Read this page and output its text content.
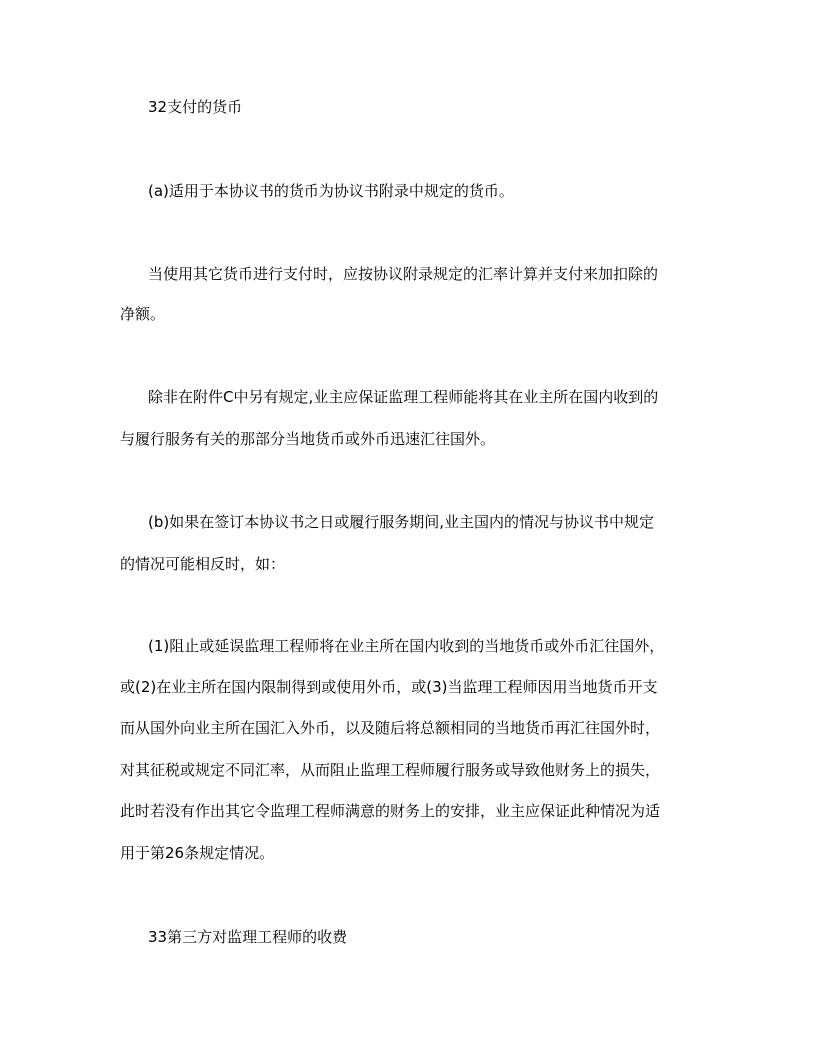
32支付的货币
(a)适用于本协议书的货币为协议书附录中规定的货币。
当使用其它货币进行支付时，应按协议附录规定的汇率计算并支付来加扣除的
净额。
除非在附件C中另有规定,业主应保证监理工程师能将其在业主所在国内收到的
与履行服务有关的那部分当地货币或外币迅速汇往国外。
(b)如果在签订本协议书之日或履行服务期间,业主国内的情况与协议书中规定
的情况可能相反时，如：
(1)阻止或延误监理工程师将在业主所在国内收到的当地货币或外币汇往国外，
或(2)在业主所在国内限制得到或使用外币，或(3)当监理工程师因用当地货币开支
而从国外向业主所在国汇入外币，以及随后将总额相同的当地货币再汇往国外时，
对其征税或规定不同汇率，从而阻止监理工程师履行服务或导致他财务上的损失，
此时若没有作出其它令监理工程师满意的财务上的安排，业主应保证此种情况为适
用于第26条规定情况。
33第三方对监理工程师的收费
